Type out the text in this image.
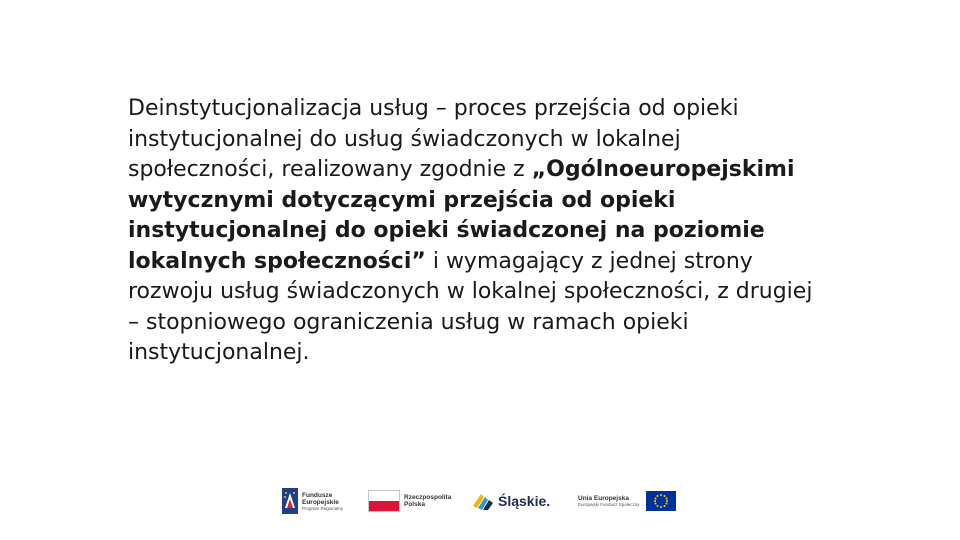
Deinstytucjonalizacja usług – proces przejścia od opieki instytucjonalnej do usług świadczonych w lokalnej społeczności, realizowany zgodnie z „Ogólnoeuropejskimi wytycznymi dotyczącymi przejścia od opieki instytucjonalnej do opieki świadczonej na poziomie lokalnych społeczności” i wymagający z jednej strony rozwoju usług świadczonych w lokalnej społeczności, z drugiej – stopniowego ograniczenia usług w ramach opieki instytucjonalnej.

Fundusze
Europejskie
Program Regionalny
Rzeczpospolita
Polska	Śląskie.	Unia Europejska
Europejski Fundusz Społeczny
